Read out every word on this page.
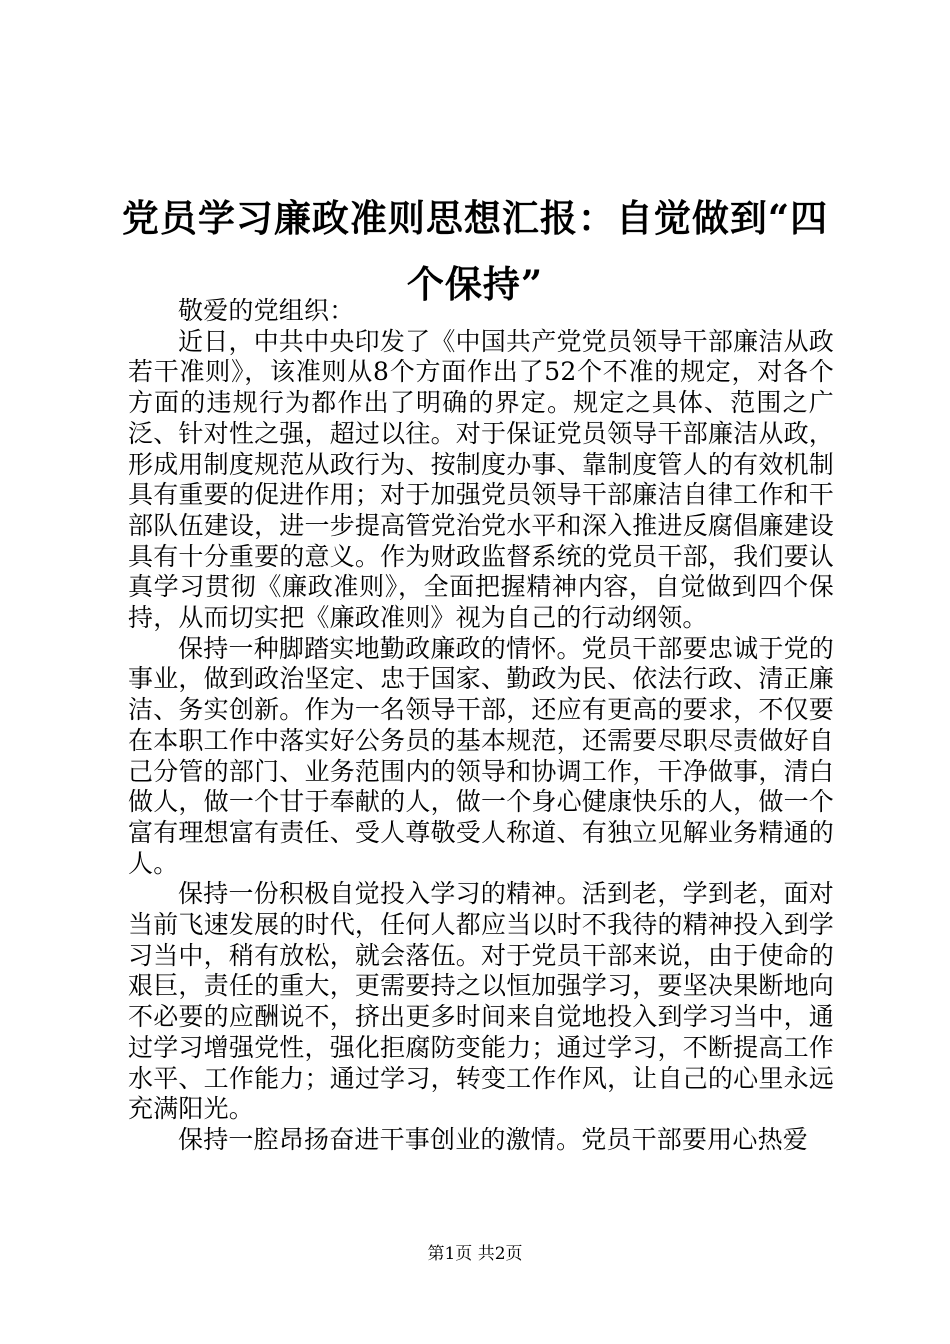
党员学习廉政准则思想汇报：自觉做到“四个保持”

敬爱的党组织：

近日，中共中央印发了《中国共产党党员领导干部廉洁从政若干准则》，该准则从8个方面作出了52个不准的规定，对各个方面的违规行为都作出了明确的界定。规定之具体、范围之广泛、针对性之强，超过以往。对于保证党员领导干部廉洁从政，形成用制度规范从政行为、按制度办事、靠制度管人的有效机制具有重要的促进作用；对于加强党员领导干部廉洁自律工作和干部队伍建设，进一步提高管党治党水平和深入推进反腐倡廉建设具有十分重要的意义。作为财政监督系统的党员干部，我们要认真学习贯彻《廉政准则》，全面把握精神内容，自觉做到四个保持，从而切实把《廉政准则》视为自己的行动纲领。

保持一种脚踏实地勤政廉政的情怀。党员干部要忠诚于党的事业，做到政治坚定、忠于国家、勤政为民、依法行政、清正廉洁、务实创新。作为一名领导干部，还应有更高的要求，不仅要在本职工作中落实好公务员的基本规范，还需要尽职尽责做好自己分管的部门、业务范围内的领导和协调工作，干净做事，清白做人，做一个甘于奉献的人，做一个身心健康快乐的人，做一个富有理想富有责任、受人尊敬受人称道、有独立见解业务精通的人。

保持一份积极自觉投入学习的精神。活到老，学到老，面对当前飞速发展的时代，任何人都应当以时不我待的精神投入到学习当中，稍有放松，就会落伍。对于党员干部来说，由于使命的艰巨，责任的重大，更需要持之以恒加强学习，要坚决果断地向不必要的应酬说不，挤出更多时间来自觉地投入到学习当中，通过学习增强党性，强化拒腐防变能力；通过学习，不断提高工作水平、工作能力；通过学习，转变工作作风，让自己的心里永远充满阳光。

保持一腔昂扬奋进干事创业的激情。党员干部要用心热爱

第1页 共2页
